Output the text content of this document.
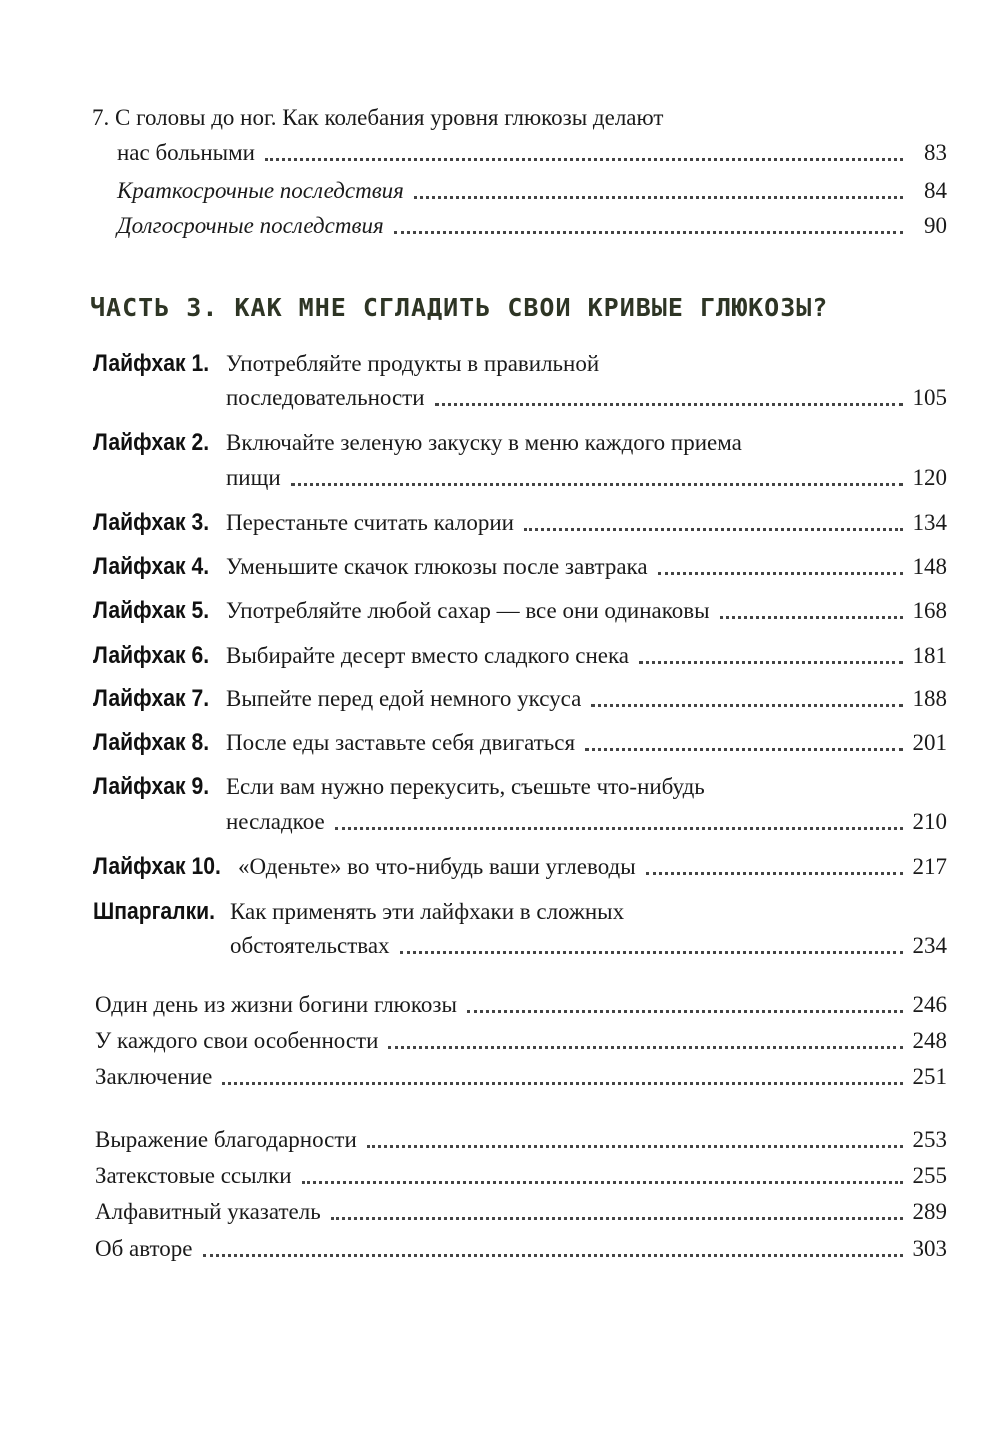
7. С головы до ног. Как колебания уровня глюкозы делают
нас больными	83
Краткосрочные последствия	84
Долгосрочные последствия	90
ЧАСТЬ 3. КАК МНЕ СГЛАДИТЬ СВОИ КРИВЫЕ ГЛЮКОЗЫ?
Лайфхак 1. Употребляйте продукты в правильной
последовательности	105
Лайфхак 2. Включайте зеленую закуску в меню каждого приема
пищи	120
Лайфхак 3. Перестаньте считать калории	134
Лайфхак 4. Уменьшите скачок глюкозы после завтрака	148
Лайфхак 5. Употребляйте любой сахар — все они одинаковы	168
Лайфхак 6. Выбирайте десерт вместо сладкого снека	181
Лайфхак 7. Выпейте перед едой немного уксуса	188
Лайфхак 8. После еды заставьте себя двигаться	201
Лайфхак 9. Если вам нужно перекусить, съешьте что-нибудь
несладкое	210
Лайфхак 10. «Оденьте» во что-нибудь ваши углеводы	217
Шпаргалки. Как применять эти лайфхаки в сложных
обстоятельствах	234
Один день из жизни богини глюкозы	246
У каждого свои особенности	248
Заключение	251
Выражение благодарности	253
Затекстовые ссылки	255
Алфавитный указатель	289
Об авторе	303
